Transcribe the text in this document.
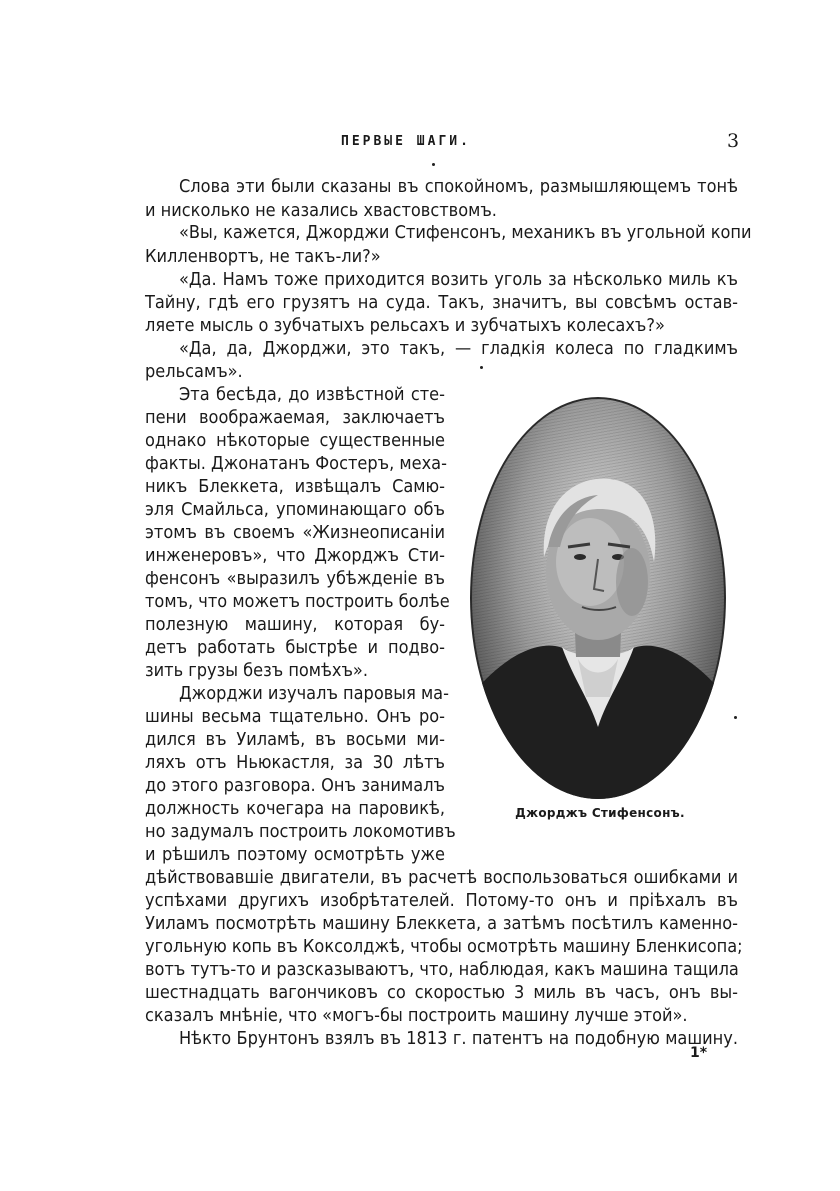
ПЕРВЫЕ ШАГИ.	3
Слова эти были сказаны въ спокойномъ, размышляющемъ тонѣ
и нисколько не казались хвастовствомъ.
«Вы, кажется, Джорджи Стифенсонъ, механикъ въ угольной копи
Килленвортъ, не такъ-ли?»
«Да. Намъ тоже приходится возить уголь за нѣсколько миль къ
Тайну, гдѣ его грузятъ на суда. Такъ, значитъ, вы совсѣмъ остав-
ляете мысль о зубчатыхъ рельсахъ и зубчатыхъ колесахъ?»
«Да, да, Джорджи, это такъ, — гладкія колеса по гладкимъ
рельсамъ».
Эта бесѣда, до извѣстной сте-
пени воображаемая, заключаетъ
однако нѣкоторые существенные
факты. Джонатанъ Фостеръ, меха-
никъ Блеккета, извѣщалъ Самю-
эля Смайльса, упоминающаго объ
этомъ въ своемъ «Жизнеописаніи
инженеровъ», что Джорджъ Сти-
фенсонъ «выразилъ убѣжденіе въ
томъ, что можетъ построить болѣе
полезную машину, которая бу-
детъ работать быстрѣе и подво-
зить грузы безъ помѣхъ».
Джорджи изучалъ паровыя ма-
шины весьма тщательно. Онъ ро-
дился въ Уиламѣ, въ восьми ми-
ляхъ отъ Ньюкастля, за 30 лѣтъ
до этого разговора. Онъ занималъ
должность кочегара на паровикѣ,
но задумалъ построить локомотивъ
и рѣшилъ поэтому осмотрѣть уже
Джорджъ Стифенсонъ.
дѣйствовавшіе двигатели, въ расчетѣ воспользоваться ошибками и
успѣхами другихъ изобрѣтателей. Потому-то онъ и пріѣхалъ въ
Уиламъ посмотрѣть машину Блеккета, а затѣмъ посѣтилъ каменно-
угольную копь въ Коксолджѣ, чтобы осмотрѣть машину Бленкисопа;
вотъ тутъ-то и разсказываютъ, что, наблюдая, какъ машина тащила
шестнадцать вагончиковъ со скоростью 3 миль въ часъ, онъ вы-
сказалъ мнѣніе, что «могъ-бы построить машину лучше этой».
Нѣкто Брунтонъ взялъ въ 1813 г. патентъ на подобную машину.
1*
